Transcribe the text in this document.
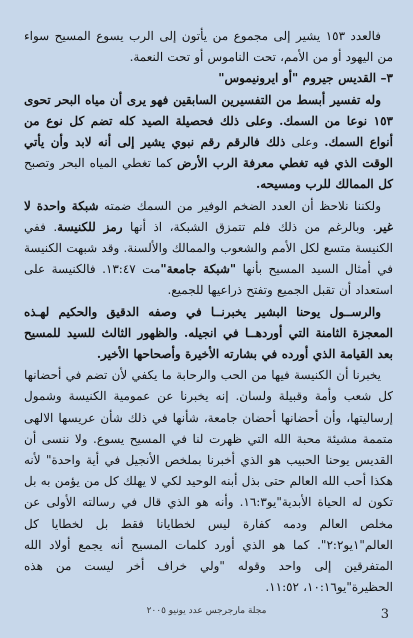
فالعدد ١٥٣ يشير إلى مجموع من يأتون إلى الرب يسوع المسيح سواء من اليهود أو من الأمم، تحت الناموس أو تحت النعمة.

٣– القديس جيروم "أو ايرونيموس"

وله تفسير أبسط من التفسيرين السابقين فهو يرى أن مياه البحر تحوى ١٥٣ نوعا من السمك. وعلى ذلك فحصيلة الصيد كله تضم كل نوع من أنواع السمك. وعلى ذلك فالرقم رقم نبوي يشير إلى أنه لابد وأن يأتي الوقت الذي فيه تغطي معرفة الرب الأرض كما تغطي المياه البحر وتصبح كل الممالك للرب ومسيحه.

ولكننا نلاحظ أن العدد الضخم الوفير من السمك ضمته شبكة واحدة لا غير. وبالرغم من ذلك فلم تتمزق الشبكة، اذ أنها رمز للكنيسة. ففي الكنيسة متسع لكل الأمم والشعوب والممالك والألسنة. وقد شبهت الكنيسة في أمثال السيد المسيح بأنها "شبكة جامعة"مت ١٣:٤٧. فالكنيسة على استعداد أن تقبل الجميع وتفتح ذراعيها للجميع.

والرســول يوحنا البشير يخبرنــا في وصفه الدقيق والحكيم لهـذه المعجزة الثامنة التي أوردهــا في انجيله. والظهور الثالث للسيد للمسيح بعد القيامة الذي أورده في بشارته الأخيرة وأصحاحها الأخير.

يخبرنا أن الكنيسة فيها من الحب والرحابة ما يكفي لأن تضم في أحضانها كل شعب وأمة وقبيلة ولسان. إنه يخبرنا عن عمومية الكنيسة وشمول إرساليتها، وأن أحضانها أحضان جامعة، شأنها في ذلك شأن عريسها الالهى متممة مشيئة محبة الله التي ظهرت لنا في المسيح يسوع. ولا ننسى أن القديس يوحنا الحبيب هو الذي أخبرنا بملخص الأنجيل في أية واحدة" لأنه هكذا أحب الله العالم حتى بذل أبنه الوحيد لكي لا يهلك كل من يؤمن به بل تكون له الحياة الأبدية"يو١٦:٣. وأنه هو الذي قال في رسالته الأولى عن مخلص العالم ودمه كفارة ليس لخطايانا فقط بل لخطايا كل العالم"١يو٢:٢". كما هو الذي أورد كلمات المسيح أنه يجمع أولاد الله المتفرقين إلى واحد وقوله "ولي خراف أخر ليست من هذه الحظيرة"يو١٠:١٦، ١١:٥٢.

مجلة مارجرجس عدد يونيو ٢٠٠٥	3
